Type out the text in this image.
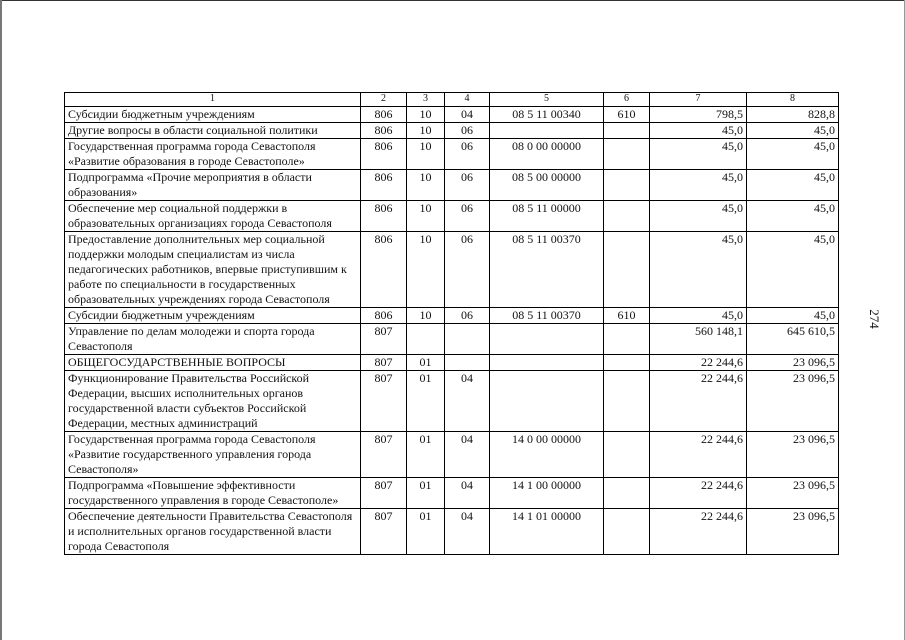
274
1	2	3	4	5	6	7	8
Субсидии бюджетным учреждениям	806	10	04	08 5 11 00340	610	798,5	828,8
Другие вопросы в области социальной политики	806	10	06			45,0	45,0
Государственная программа города Севастополя «Развитие образования в городе Севастополе»	806	10	06	08 0 00 00000		45,0	45,0
Подпрограмма «Прочие мероприятия в области образования»	806	10	06	08 5 00 00000		45,0	45,0
Обеспечение мер социальной поддержки в образовательных организациях города Севастополя	806	10	06	08 5 11 00000		45,0	45,0
Предоставление дополнительных мер социальной поддержки молодым специалистам из числа педагогических работников, впервые приступившим к работе по специальности в государственных образовательных учреждениях города Севастополя	806	10	06	08 5 11 00370		45,0	45,0
Субсидии бюджетным учреждениям	806	10	06	08 5 11 00370	610	45,0	45,0
Управление по делам молодежи и спорта города Севастополя	807					560 148,1	645 610,5
ОБЩЕГОСУДАРСТВЕННЫЕ ВОПРОСЫ	807	01				22 244,6	23 096,5
Функционирование Правительства Российской Федерации, высших исполнительных органов государственной власти субъектов Российской Федерации, местных администраций	807	01	04			22 244,6	23 096,5
Государственная программа города Севастополя «Развитие государственного управления города Севастополя»	807	01	04	14 0 00 00000		22 244,6	23 096,5
Подпрограмма «Повышение эффективности государственного управления в городе Севастополе»	807	01	04	14 1 00 00000		22 244,6	23 096,5
Обеспечение деятельности Правительства Севастополя и исполнительных органов государственной власти города Севастополя	807	01	04	14 1 01 00000		22 244,6	23 096,5
